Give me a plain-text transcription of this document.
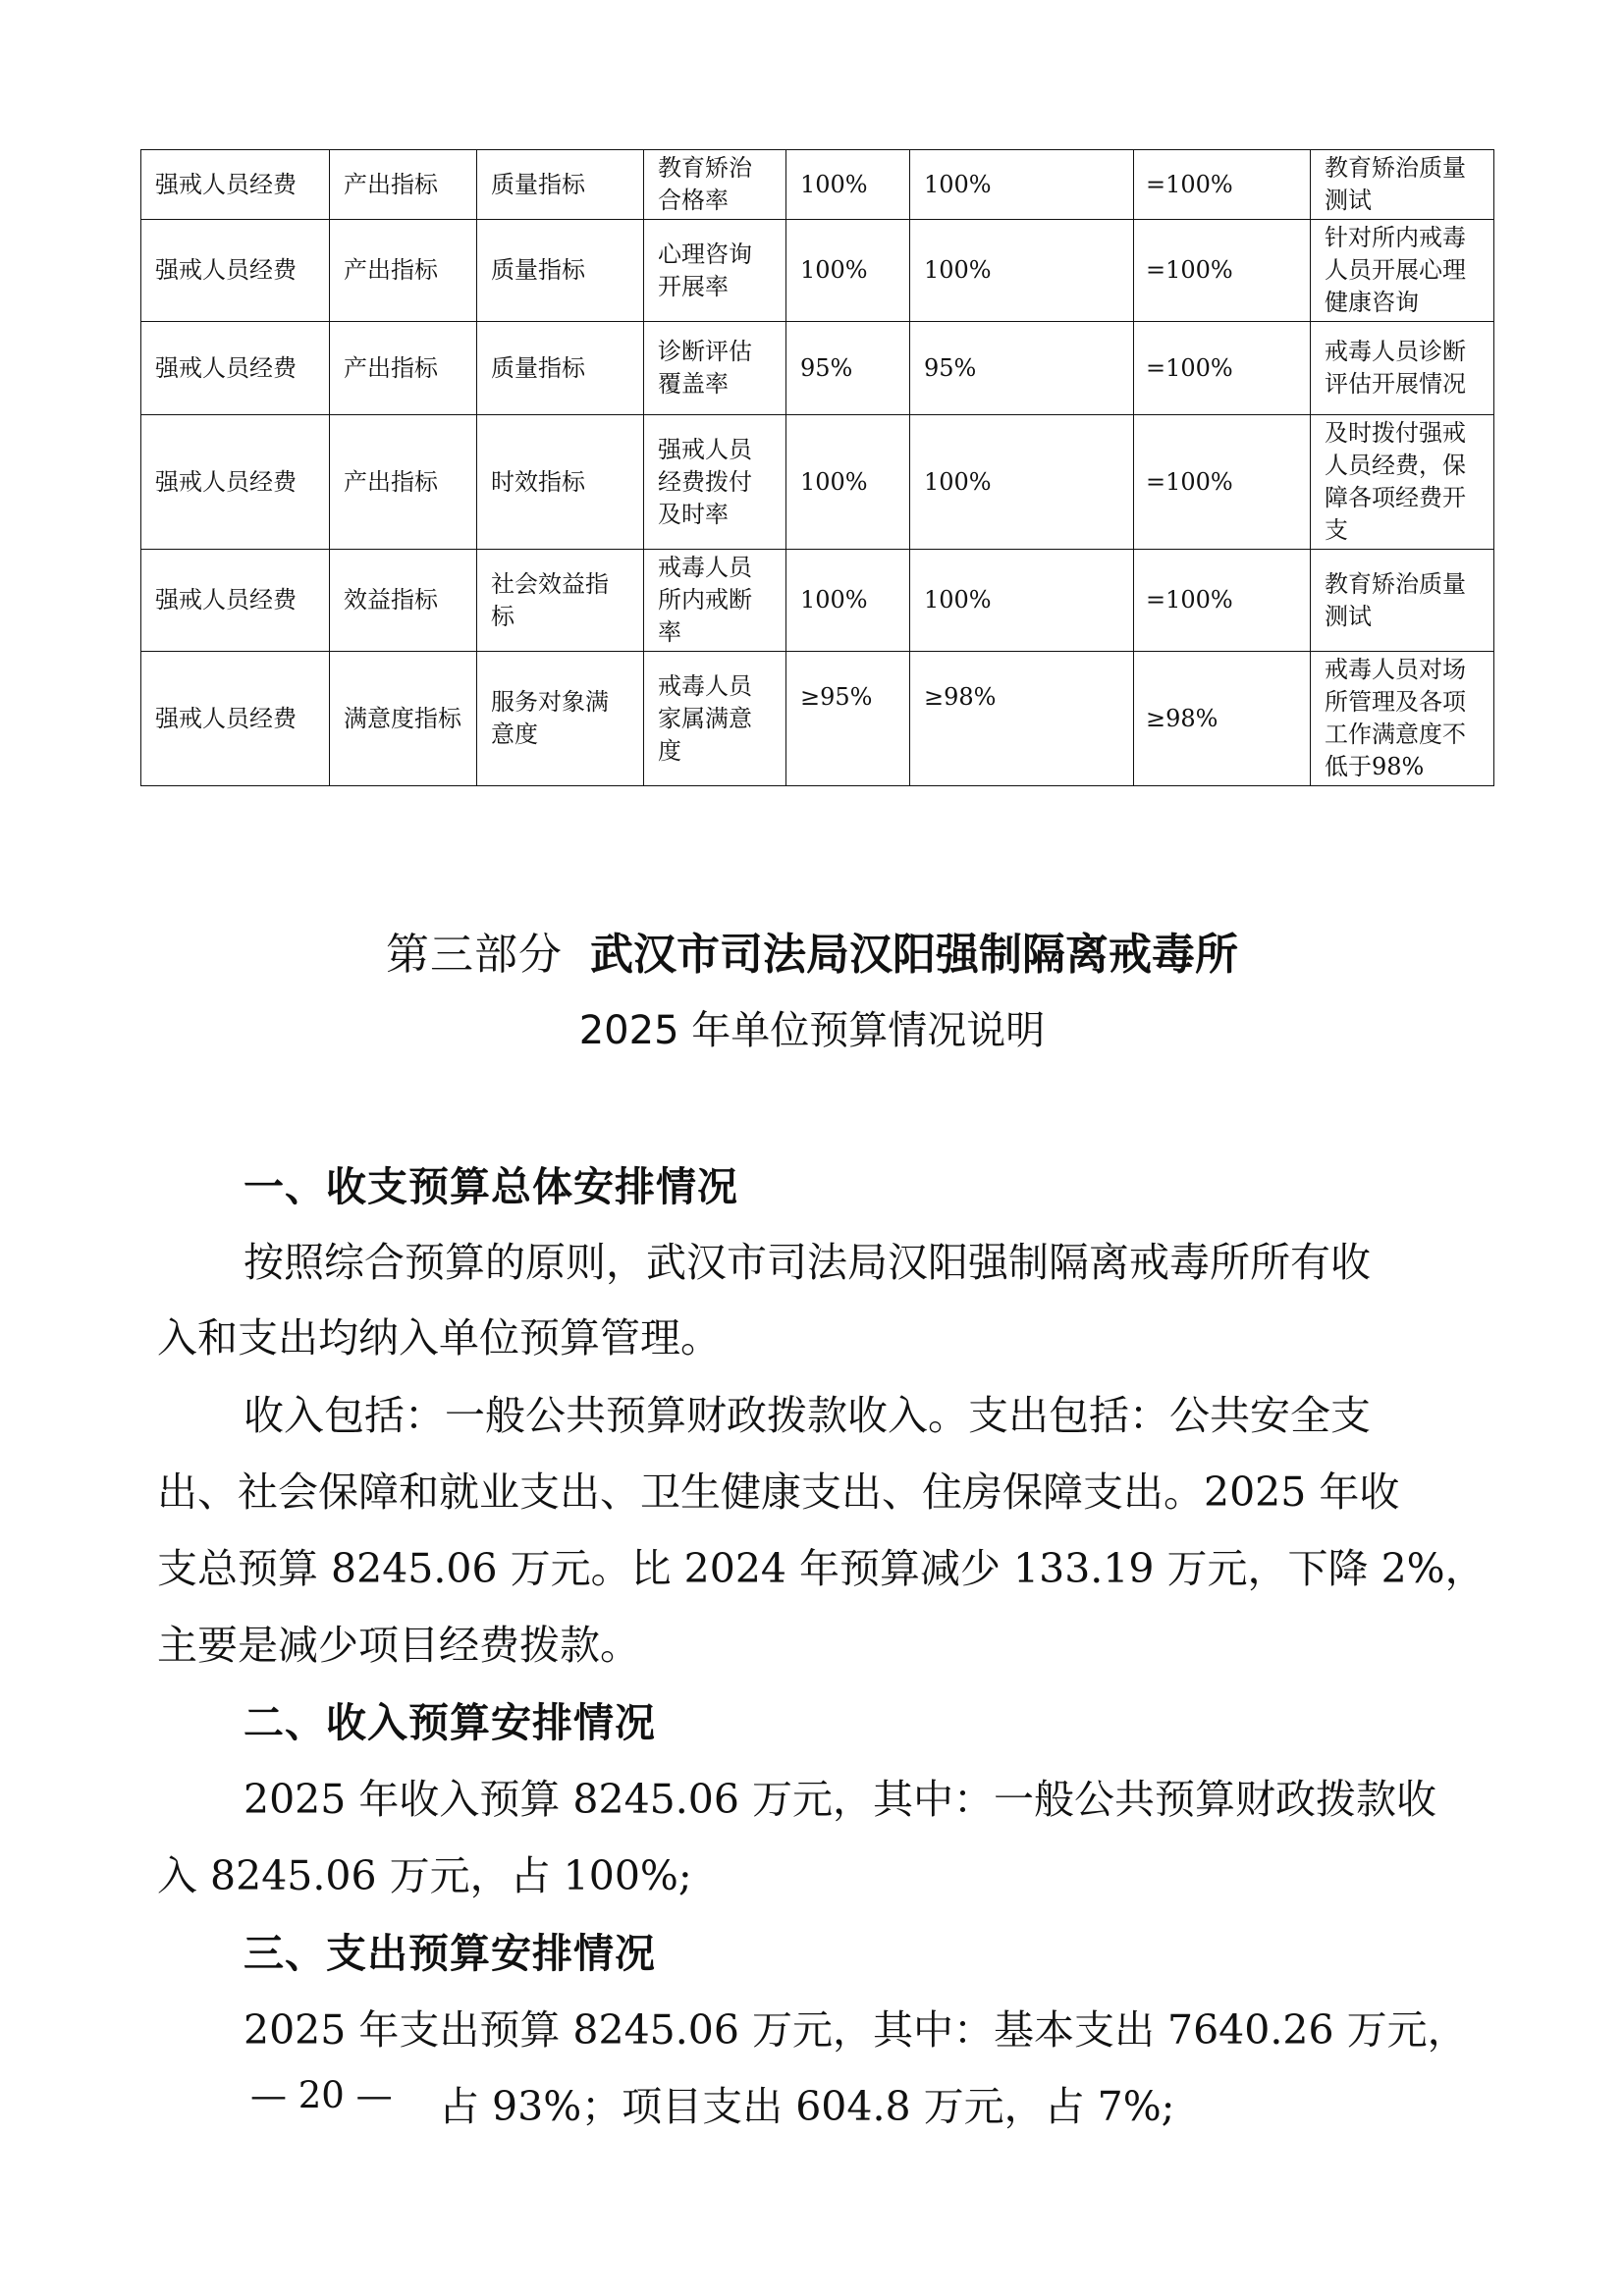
强戒人员经费	产出指标	质量指标	教育矫治合格率	100%	100%	=100%	教育矫治质量测试
强戒人员经费	产出指标	质量指标	心理咨询开展率	100%	100%	=100%	针对所内戒毒人员开展心理健康咨询
强戒人员经费	产出指标	质量指标	诊断评估覆盖率	95%	95%	=100%	戒毒人员诊断评估开展情况
强戒人员经费	产出指标	时效指标	强戒人员经费拨付及时率	100%	100%	=100%	及时拨付强戒人员经费，保障各项经费开支
强戒人员经费	效益指标	社会效益指标	戒毒人员所内戒断率	100%	100%	=100%	教育矫治质量测试
强戒人员经费	满意度指标	服务对象满意度	戒毒人员家属满意度	≥95%	≥98%	≥98%	戒毒人员对场所管理及各项工作满意度不低于98%
第三部分 武汉市司法局汉阳强制隔离戒毒所
2025 年单位预算情况说明
一、收支预算总体安排情况
按照综合预算的原则，武汉市司法局汉阳强制隔离戒毒所所有收
入和支出均纳入单位预算管理。
收入包括：一般公共预算财政拨款收入。支出包括：公共安全支
出、社会保障和就业支出、卫生健康支出、住房保障支出。2025 年收
支总预算 8245.06 万元。比 2024 年预算减少 133.19 万元，下降 2%，
主要是减少项目经费拨款。
二、收入预算安排情况
2025 年收入预算 8245.06 万元，其中：一般公共预算财政拨款收
入 8245.06 万元，占 100%;
三、支出预算安排情况
2025 年支出预算 8245.06 万元，其中：基本支出 7640.26 万元，
— 20 — 占 93%；项目支出 604.8 万元，占 7%;
